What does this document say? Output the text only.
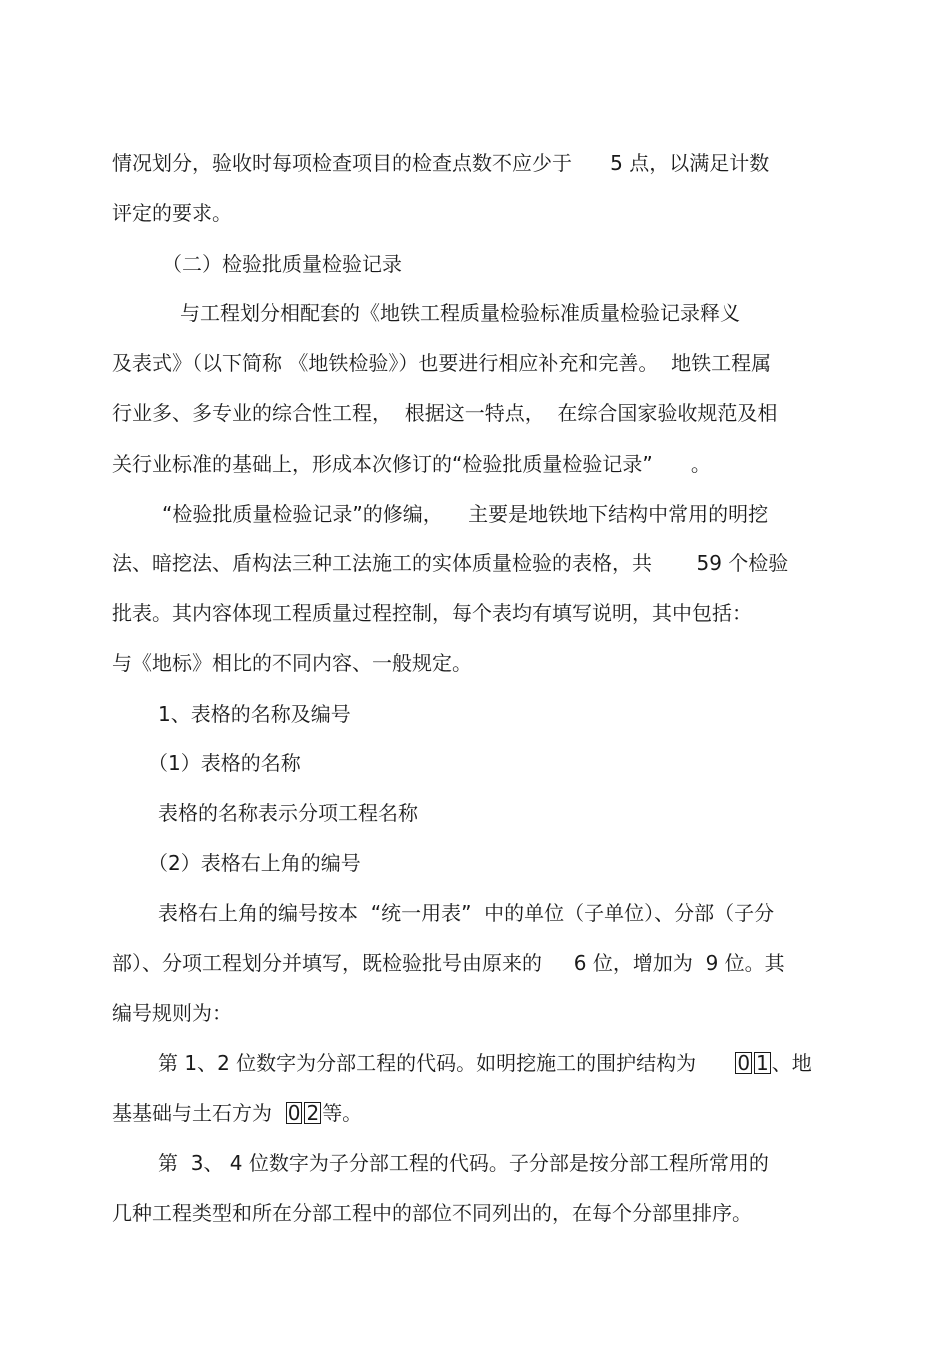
情况划分，验收时每项检查项目的检查点数不应少于      5 点，以满足计数
评定的要求。
（二）检验批质量检验记录
与工程划分相配套的《地铁工程质量检验标准质量检验记录释义
及表式》（以下简称 《地铁检验》）也要进行相应补充和完善。  地铁工程属
行业多、多专业的综合性工程，  根据这一特点，  在综合国家验收规范及相
关行业标准的基础上，形成本次修订的“检验批质量检验记录”      。
“检验批质量检验记录”的修编，    主要是地铁地下结构中常用的明挖
法、暗挖法、盾构法三种工法施工的实体质量检验的表格，共       59 个检验
批表。其内容体现工程质量过程控制，每个表均有填写说明，其中包括：
与《地标》相比的不同内容、一般规定。
1、表格的名称及编号
（1）表格的名称
表格的名称表示分项工程名称
（2）表格右上角的编号
表格右上角的编号按本  “统一用表”  中的单位（子单位）、分部（子分
部）、分项工程划分并填写，既检验批号由原来的     6 位，增加为  9 位。其
编号规则为：
第 1、2 位数字为分部工程的代码。如明挖施工的围护结构为      0 1 、地
基基础与土石方为  0 2 等。
第  3、 4 位数字为子分部工程的代码。子分部是按分部工程所常用的
几种工程类型和所在分部工程中的部位不同列出的，在每个分部里排序。
